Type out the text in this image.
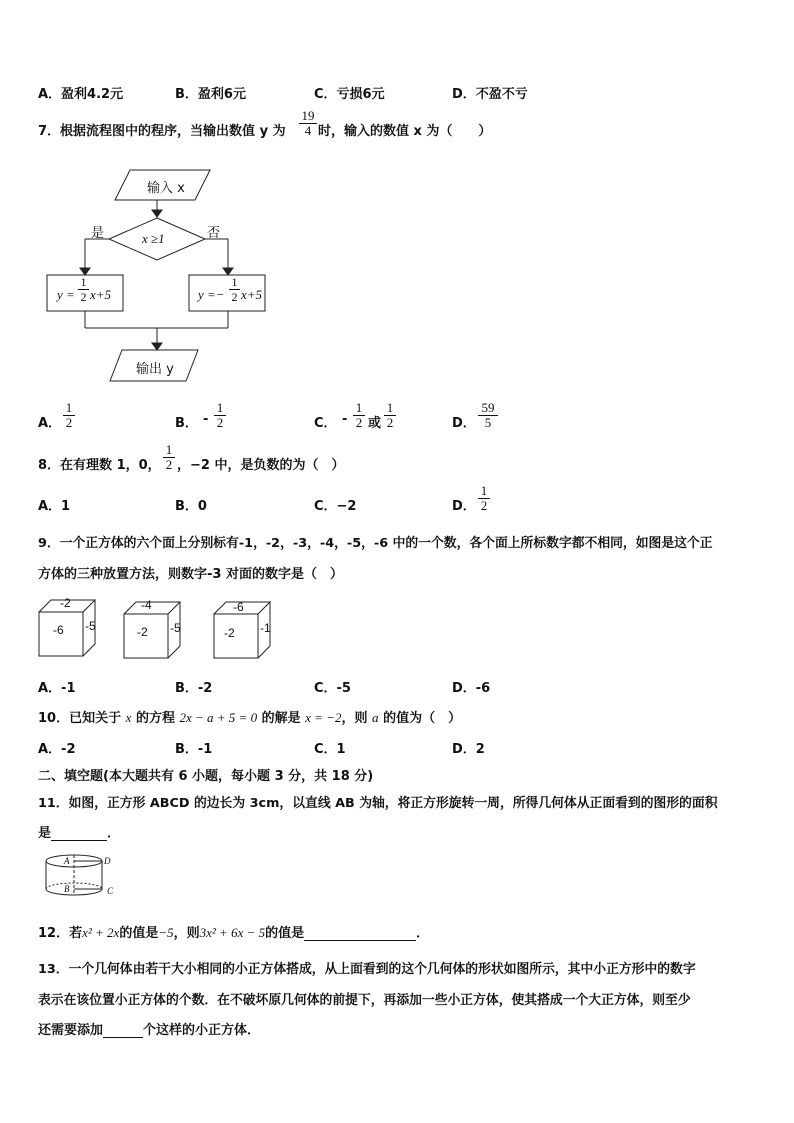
A．盈利4.2元	B．盈利6元	C．亏损6元	D．不盈不亏
7．根据流程图中的程序，当输出数值 y 为 $\frac{19}{4}$ 时，输入的数值 x 为（　　）
输入 x
x ≥1
是	否
$y = \frac{1}{2} x+5$	$y =- \frac{1}{2} x+5$
输出 y
A． $\frac{1}{2}$	B． - $\frac{1}{2}$	C． - $\frac{1}{2}$ 或 $\frac{1}{2}$	D． $\frac{59}{5}$
8．在有理数 1，0， $\frac{1}{2}$ ，−2 中，是负数的为（　）
A．1	B．0	C．−2	D． $\frac{1}{2}$
9．一个正方体的六个面上分别标有-1，-2，-3，-4，-5，-6 中的一个数，各个面上所标数字都不相同，如图是这个正
方体的三种放置方法，则数字-3 对面的数字是（　）
-2
-6 -5
-4
-2 -5
-6
-2 -1
A．-1	B．-2	C．-5	D．-6
10．已知关于 x 的方程 2x − a + 5 = 0 的解是 x = −2，则 a 的值为（　）
A．-2	B．-1	C．1	D．2
二、填空题(本大题共有 6 小题，每小题 3 分，共 18 分)
11．如图，正方形 ABCD 的边长为 3cm，以直线 AB 为轴，将正方形旋转一周，所得几何体从正面看到的图形的面积
是	．
A	D
B	C
12．若x² + 2x的值是−5，则3x² + 6x − 5的值是	．
13．一个几何体由若干大小相同的小正方体搭成，从上面看到的这个几何体的形状如图所示，其中小正方形中的数字
表示在该位置小正方体的个数．在不破坏原几何体的前提下，再添加一些小正方体，使其搭成一个大正方体，则至少
还需要添加	个这样的小正方体．
